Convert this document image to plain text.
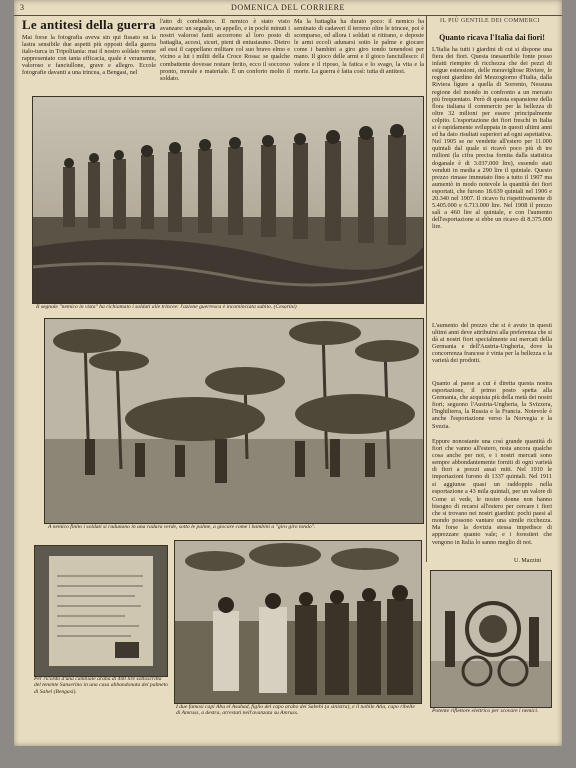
3	DOMENICA DEL CORRIERE
Le antitesi della guerra
Mai forse la fotografia aveva sin qui fissato su la lastra sensibile due aspetti più opposti della guerra italo-turca in Tripolitania: mai il nostro soldato venne rappresentato con tanta efficacia, quale è veramente, valoroso e fanciullone, grave e allegro. Eccole fotografie davanti a una trincea, a Bengasi, nel
l'atto di combattere. Il nemico è stato visto avanzare: un segnale, un appello, e in pochi minuti i nostri valorosi fanti accorrono al loro posto di battaglia, accesi, sicuri, pieni di entusiasmo. Dietro ad essi il cappellano militare col suo bravo elmo e vicino a lui i militi della Croce Rossa: se qualche combattente dovesse restare ferito, ecco il soccorso pronto, morale e materiale. È un conforto molto il soldato.
Ma la battaglia ha durato poco: il nemico ha seminato di cadaveri il terreno oltre le trincee, poi è scomparso, ed allora i soldati si ritirano, e deposte le armi eccoli adunarsi sotto le palme e giocare come i bambini a giro giro tondo tenendosi per mano. Il gioco delle armi e il gioco fanciullesco: il valore e il riposo, la fatica e lo svago, la vita e la morte. La guerra è fatta così: tutta di antitesi.
IL PIÙ GENTILE DEI COMMERCI
Quanto ricava l'Italia dai fiori!
L'Italia ha tutti i giardini di cui si dispone una fiera dei fiori. Questa inesauribile fonte posso infatti riempire di ricchezza che dei pezzi di esigue estensioni, delle meravigliose Riviere, le regioni giardino del Mezzogiorno d'Italia, dalla Riviera ligure a quella di Sorrento, Nessuna regione del mondo in confronto a un mercato più frequentato. Però di questa espansione della flora italiana il commercio per la bellezza di oltre 32 milioni per essere principalmente colpito. L'esportazione dei fiori freschi in Italia si è rapidamente sviluppata in questi ultimi anni ed ha dato risultati superiori ad ogni aspettativa. Nel 1905 se ne vendette all'estero per 11.000 quintali dal quale si ricavò poco più di tre milioni (la cifra precisa fornita dalla statistica doganale è di 3.037.000 lire), essendo stati venduti in media a 290 lire il quintale. Questo prezzo rimase immutato fino a tutto il 1907 ma aumentò in modo notevole la quantità dei fiori esportati, che furono 18.639 quintali nel 1906 e 20.340 nel 1907. Il ricavo fu rispettivamente di 5.405.000 e 6.713.000 lire. Nel 1908 il prezzo salì a 460 lire al quintale, e con l'aumento dell'esportazione si ebbe un ricavo di 8.375.000 lire.
L'aumento del prezzo che si è avuto in questi ultimi anni deve attribuirsi alla preferenza che si dà ai nostri fiori specialmente sui mercati della Germania e dell'Austria-Ungheria, dove la concorrenza francese è vinta per la bellezza e la varietà dei prodotti.
Quanto al paese a cui è diretta questa nostra esportazione, il primo posto spetta alla Germania, che acquista più della metà dei nostri fiori; seguono l'Austria-Ungheria, la Svizzera, l'Inghilterra, la Russia e la Francia. Notevole è anche l'esportazione verso la Norvegia e la Svezia.
Eppure nonostante una così grande quantità di fiori che vanno all'estero, resta ancora qualche cosa anche per noi, e i nostri mercati sono sempre abbondantemente forniti di ogni varietà di fiori a prezzi assai miti. Nel 1910 le importazioni furono di 1337 quintali. Nel 1911 si aggiunse quasi un raddoppio nella esportazione a 43 mila quintali, per un valore di
Come si vede, le nostre donne non hanno bisogno di recarsi all'estero per cercare i fiori che si trovano nei nostri giardini: pochi paesi al mondo possono vantare una simile ricchezza. Ma forse la dovizia stessa impedisce di apprezzare quanto vale; e i forestieri che vengono in Italia lo sanno meglio di noi.
U. Mazzini
Il segnale "nemico in vista" ha richiamato i soldati alle trincee: l'azione guerresca è incominciata subito. (Cesarini)
A nemico finito i soldati si radunano in una radura verde, sotto le palme, a giocare come i bambini a "giro giro tondo".
Per ricordo d'una cambiale araba di 400 lire sottoscritta del tenente Sanserino in una casa abbandonata del palmeto di Sahel (Bengasi).
I due famosi capi Abu el Asuhad, figlio del capo arabo dei Sabebi (a sinistra), e il nobile Atla, capo ribelle di Amruss, a destra, arrestati nell'avanzata su Amruss.	Potente riflettore elettrico per scovare i nemici.
